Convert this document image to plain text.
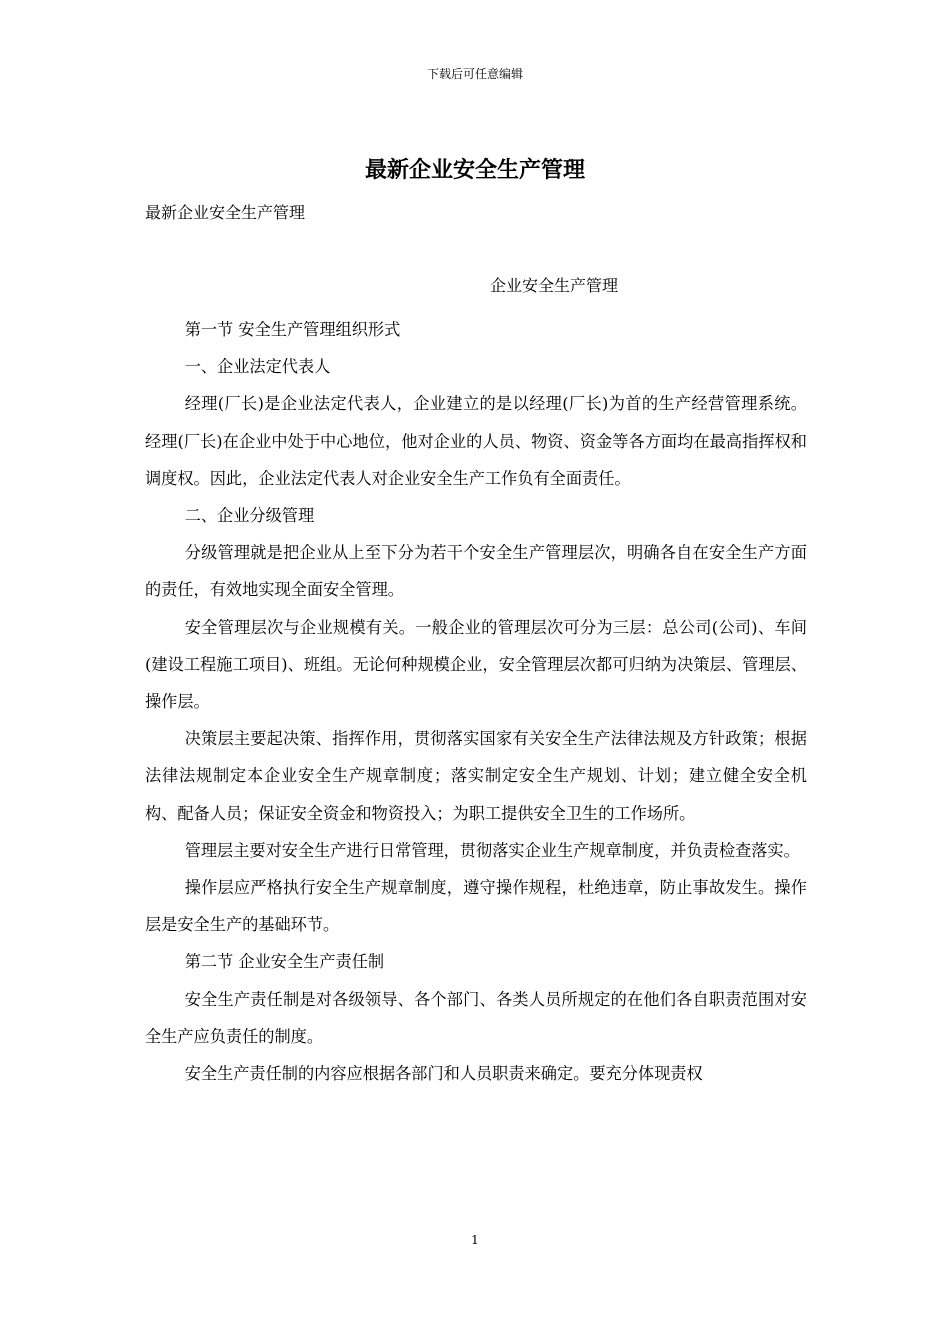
下载后可任意编辑
最新企业安全生产管理
最新企业安全生产管理
企业安全生产管理

第一节 安全生产管理组织形式

一、企业法定代表人

经理(厂长)是企业法定代表人，企业建立的是以经理(厂长)为首的生产经营管理系统。经理(厂长)在企业中处于中心地位，他对企业的人员、物资、资金等各方面均在最高指挥权和调度权。因此，企业法定代表人对企业安全生产工作负有全面责任。

二、企业分级管理

分级管理就是把企业从上至下分为若干个安全生产管理层次，明确各自在安全生产方面的责任，有效地实现全面安全管理。

安全管理层次与企业规模有关。一般企业的管理层次可分为三层：总公司(公司)、车间(建设工程施工项目)、班组。无论何种规模企业，安全管理层次都可归纳为决策层、管理层、操作层。

决策层主要起决策、指挥作用，贯彻落实国家有关安全生产法律法规及方针政策；根据法律法规制定本企业安全生产规章制度；落实制定安全生产规划、计划；建立健全安全机构、配备人员；保证安全资金和物资投入；为职工提供安全卫生的工作场所。

管理层主要对安全生产进行日常管理，贯彻落实企业生产规章制度，并负责检查落实。

操作层应严格执行安全生产规章制度，遵守操作规程，杜绝违章，防止事故发生。操作层是安全生产的基础环节。

第二节 企业安全生产责任制

安全生产责任制是对各级领导、各个部门、各类人员所规定的在他们各自职责范围对安全生产应负责任的制度。

安全生产责任制的内容应根据各部门和人员职责来确定。要充分体现责权

1
